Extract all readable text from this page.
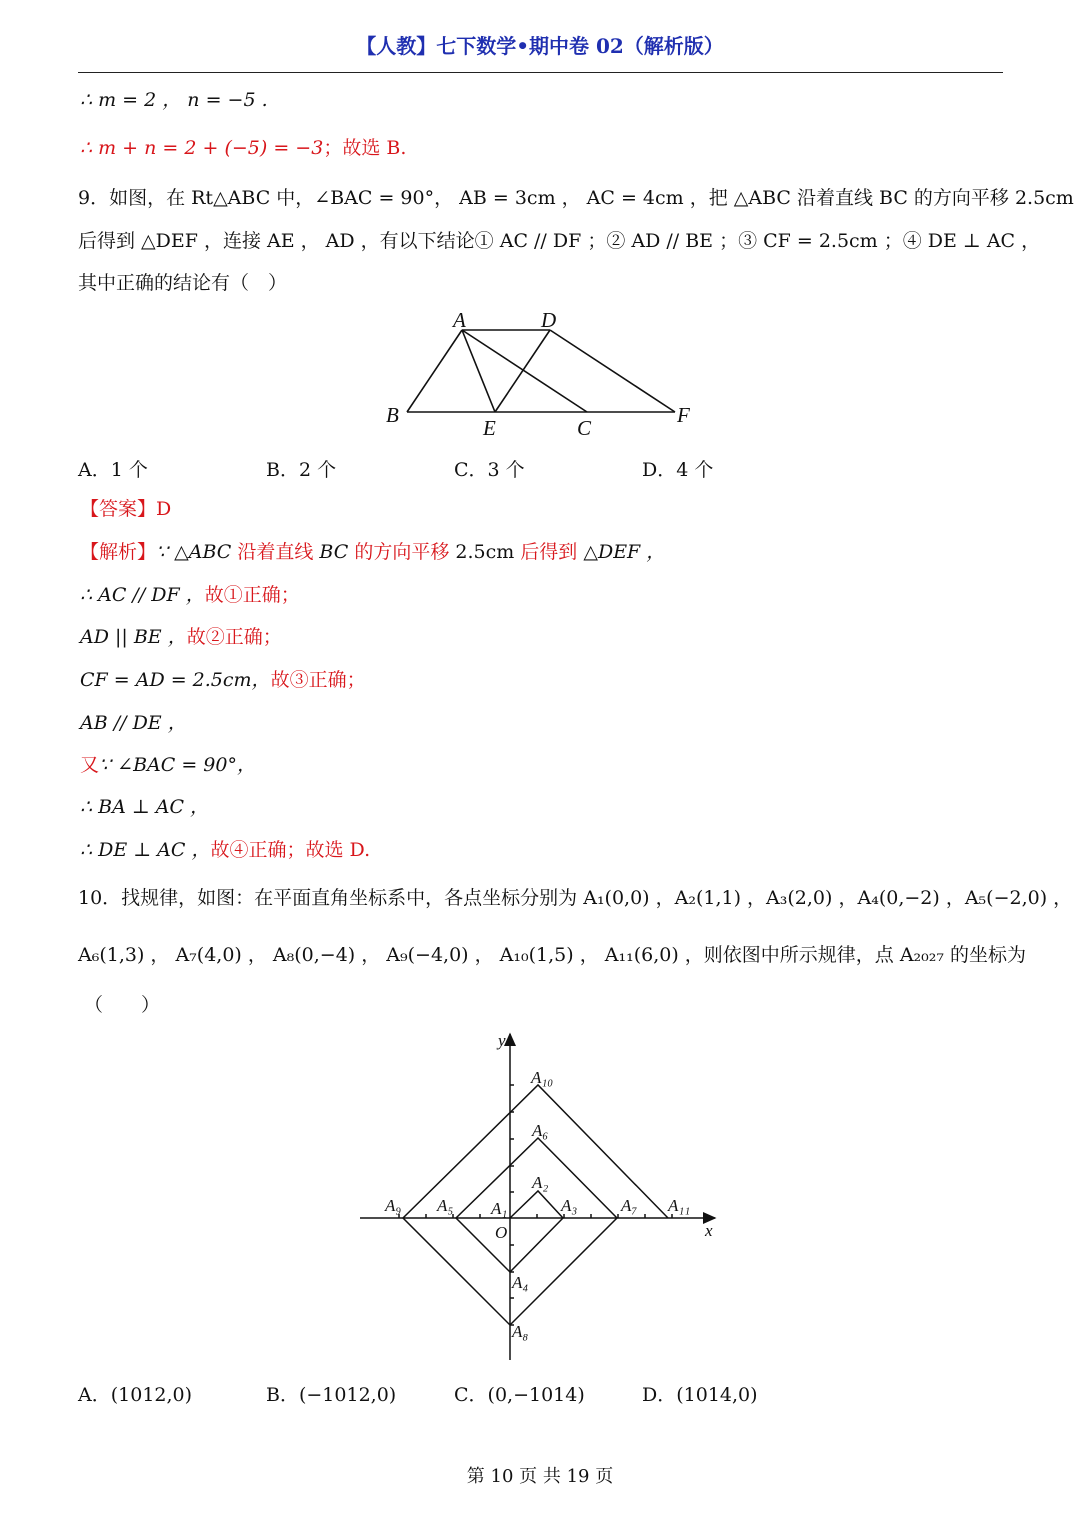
【人教】七下数学•期中卷 02（解析版）
∴ m = 2 ， n = −5 .
∴ m + n = 2 + (−5) = −3；故选 B.
9．如图，在 Rt△ABC 中，∠BAC = 90°， AB = 3cm ， AC = 4cm ，把 △ABC 沿着直线 BC 的方向平移 2.5cm
后得到 △DEF ，连接 AE ， AD ，有以下结论① AC // DF ；② AD // BE ；③ CF = 2.5cm ；④ DE ⊥ AC ，
其中正确的结论有（　）
A	D
B
E	C
F
A．1 个	B．2 个	C．3 个	D．4 个
【答案】D
【解析】∵ △ABC 沿着直线 BC 的方向平移 2.5cm 后得到 △DEF ，
∴ AC // DF ，故①正确；
AD || BE ，故②正确；
CF = AD = 2.5cm，故③正确；
AB // DE ，
又∵ ∠BAC = 90°，
∴ BA ⊥ AC ，
∴ DE ⊥ AC ，故④正确；故选 D.
10．找规律，如图：在平面直角坐标系中，各点坐标分别为 A₁(0,0) ，A₂(1,1) ，A₃(2,0) ，A₄(0,−2) ，A₅(−2,0) ，
A₆(1,3) ， A₇(4,0) ， A₈(0,−4) ， A₉(−4,0) ， A₁₀(1,5) ， A₁₁(6,0) ，则依图中所示规律，点 A₂₀₂₇ 的坐标为
（　　）
y
x
O
A₁
A₂
A₃
A₄
A₅
A₆
A₇
A₈
A₉
A₁₀
A₁₁
A．(1012,0)	B．(−1012,0)	C．(0,−1014)	D．(1014,0)
第 10 页 共 19 页
